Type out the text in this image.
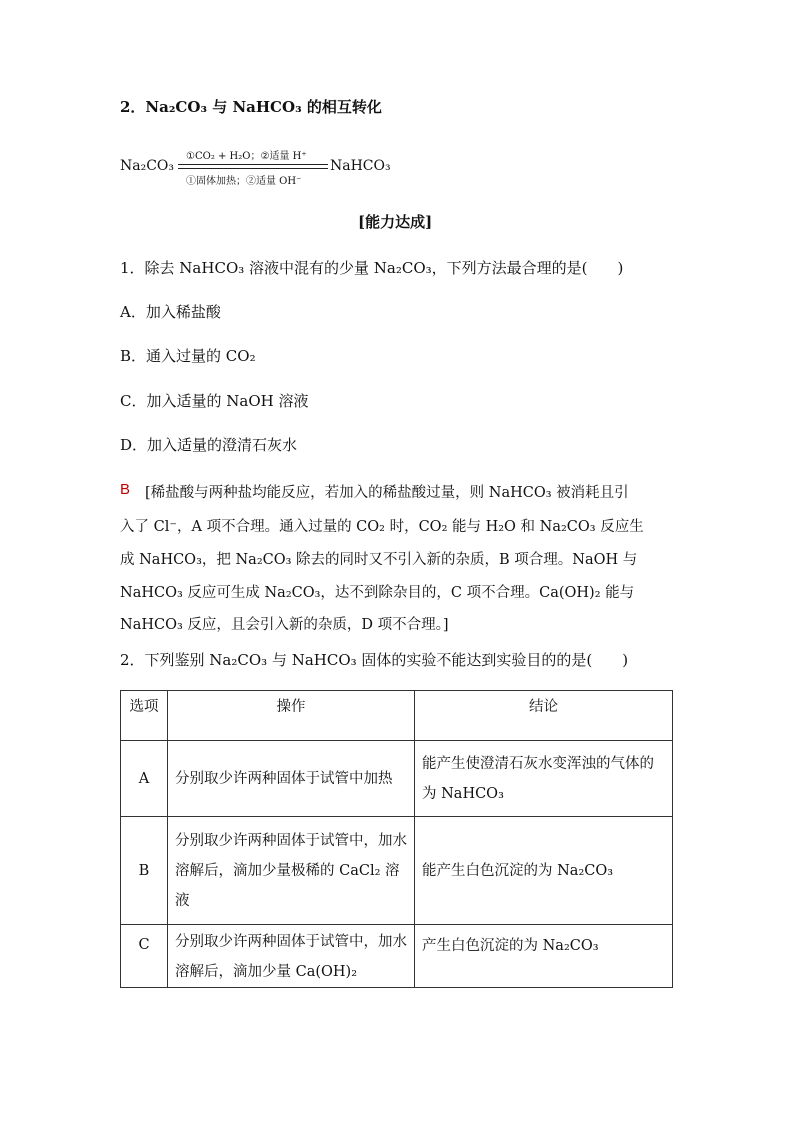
2．Na₂CO₃ 与 NaHCO₃ 的相互转化
Na₂CO₃
①CO₂ + H₂O；②适量 H⁺
①固体加热；②适量 OH⁻
NaHCO₃
[能力达成]
1．除去 NaHCO₃ 溶液中混有的少量 Na₂CO₃，下列方法最合理的是(　　)
A．加入稀盐酸
B．通入过量的 CO₂
C．加入适量的 NaOH 溶液
D．加入适量的澄清石灰水
B [稀盐酸与两种盐均能反应，若加入的稀盐酸过量，则 NaHCO₃ 被消耗且引
入了 Cl⁻，A 项不合理。通入过量的 CO₂ 时，CO₂ 能与 H₂O 和 Na₂CO₃ 反应生
成 NaHCO₃，把 Na₂CO₃ 除去的同时又不引入新的杂质，B 项合理。NaOH 与
NaHCO₃ 反应可生成 Na₂CO₃，达不到除杂目的，C 项不合理。Ca(OH)₂ 能与
NaHCO₃ 反应，且会引入新的杂质，D 项不合理。]
2．下列鉴别 Na₂CO₃ 与 NaHCO₃ 固体的实验不能达到实验目的的是(　　)
选项	操作	结论
A	分别取少许两种固体于试管中加热	能产生使澄清石灰水变浑浊的气体的为 NaHCO₃
B	分别取少许两种固体于试管中，加水溶解后，滴加少量极稀的 CaCl₂ 溶液	能产生白色沉淀的为 Na₂CO₃
C	分别取少许两种固体于试管中，加水溶解后，滴加少量 Ca(OH)₂	产生白色沉淀的为 Na₂CO₃
